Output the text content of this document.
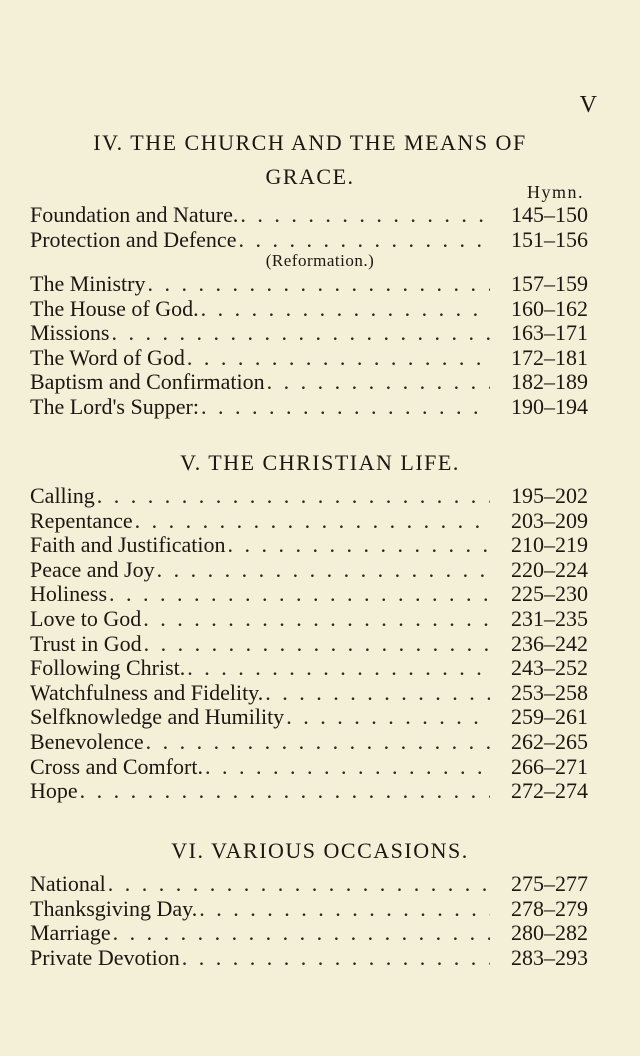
V
IV. THE CHURCH AND THE MEANS OF GRACE.
Hymn.
Foundation and Nature. . . .	145–150
Protection and Defence . . .	151–156
(Reformation.)
The Ministry . . .	157–159
The House of God. . . .	160–162
Missions . . .	163–171
The Word of God . . .	172–181
Baptism and Confirmation . . .	182–189
The Lord's Supper: . . .	190–194
V. THE CHRISTIAN LIFE.
Calling . . .	195–202
Repentance . . .	203–209
Faith and Justification . . .	210–219
Peace and Joy . . .	220–224
Holiness . . .	225–230
Love to God . . .	231–235
Trust in God . . .	236–242
Following Christ. . . .	243–252
Watchfulness and Fidelity. . . .	253–258
Selfknowledge and Humility . . .	259–261
Benevolence . . .	262–265
Cross and Comfort. . . .	266–271
Hope . . .	272–274
VI. VARIOUS OCCASIONS.
National . . .	275–277
Thanksgiving Day. . . .	278–279
Marriage . . .	280–282
Private Devotion . . .	283–293
